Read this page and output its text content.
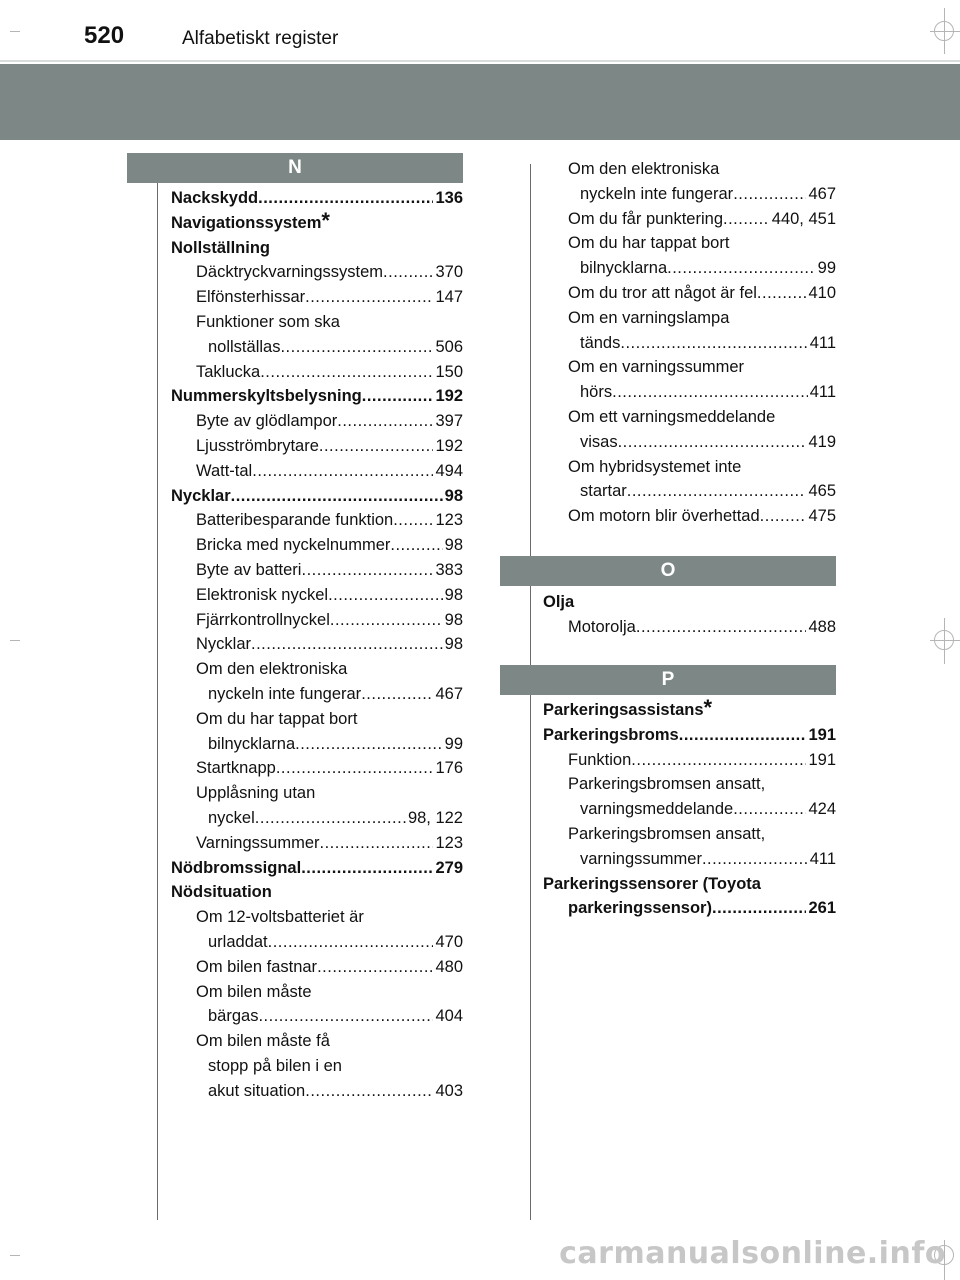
520	Alfabetiskt register
N
O
P
Nackskydd .....	136
Navigationssystem *
Nollställning
Däcktryckvarningssystem .....	370
Elfönsterhissar .....	147
Funktioner som ska
nollställas .....	506
Taklucka .....	150
Nummerskyltsbelysning .....	192
Byte av glödlampor .....	397
Ljusströmbrytare .....	192
Watt-tal .....	494
Nycklar .....	98
Batteribesparande funktion .....	123
Bricka med nyckelnummer .....	98
Byte av batteri .....	383
Elektronisk nyckel .....	98
Fjärrkontrollnyckel .....	98
Nycklar .....	98
Om den elektroniska
nyckeln inte fungerar .....	467
Om du har tappat bort
bilnycklarna .....	99
Startknapp .....	176
Upplåsning utan
nyckel .....	98, 122
Varningssummer .....	123
Nödbromssignal .....	279
Nödsituation
Om 12-voltsbatteriet är
urladdat .....	470
Om bilen fastnar .....	480
Om bilen måste
bärgas .....	404
Om bilen måste få
stopp på bilen i en
akut situation .....	403
Om den elektroniska
nyckeln inte fungerar .....	467
Om du får punktering .....	440, 451
Om du har tappat bort
bilnycklarna .....	99
Om du tror att något är fel .....	410
Om en varningslampa
tänds .....	411
Om en varningssummer
hörs .....	411
Om ett varningsmeddelande
visas .....	419
Om hybridsystemet inte
startar .....	465
Om motorn blir överhettad .....	475
Olja
Motorolja .....	488
Parkeringsassistans *
Parkeringsbroms .....	191
Funktion .....	191
Parkeringsbromsen ansatt,
varningsmeddelande .....	424
Parkeringsbromsen ansatt,
varningssummer .....	411
Parkeringssensorer (Toyota
parkeringssensor) .....	261
carmanualsonline.info
